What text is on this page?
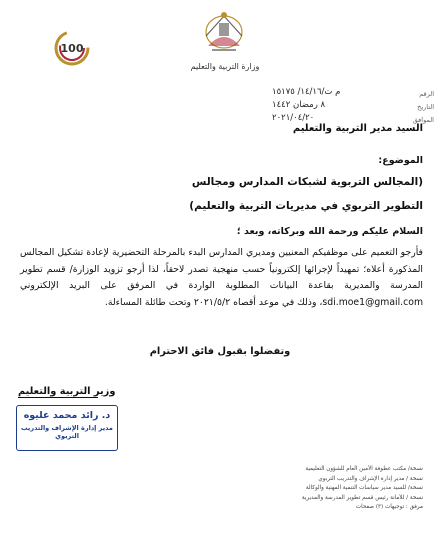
وزارة التربية والتعليم
100
م ت/١٤/١٦/ ١٥١٧٥
٨ رمضان ١٤٤٢
٢٠٢١/٠٤/٢٠
الرقم
التاريخ
الموافق
السيد مدير التربية والتعليم
الموضوع:
(المجالس التربوية لشبكات المدارس ومجالس
التطوير التربوي في مديريات التربية والتعليم)
السلام عليكم ورحمة الله وبركاته، وبعد ؛
فأرجو التعميم على موظفيكم المعنيين ومديري المدارس البدء بالمرحلة التحضيرية لإعادة تشكيل المجالس المذكورة أعلاه؛ تمهيداً لإجرائها إلكترونياً حسب منهجية تصدر لاحقاً، لذا أرجو تزويد الوزارة/ قسم تطوير المدرسة والمديرية بقاعدة البيانات المطلوبة الواردة في المرفق على البريد الإلكتروني sdi.moe1@gmail.com، وذلك في موعد أقصاه ٢٠٢١/٥/٢ وتحت طائلة المساءلة.
وتفضلوا بقبول فائق الاحترام
وزير التربية والتعليم
د. رائد محمد عليوه
مدير إدارة الإشراف والتدريب التربوي
نسخة/ مكتب عطوفة الأمين العام للشؤون التعليمية
نسخة / مدير إدارة الإشراف والتدريب التربوي
نسخة/ للسيد مدير سياسات التنمية المهنية والوكالة
نسخة / للأمانة رئيس قسم تطوير المدرسة والمديرية
مرفق : توجيهات (٣) صفحات
